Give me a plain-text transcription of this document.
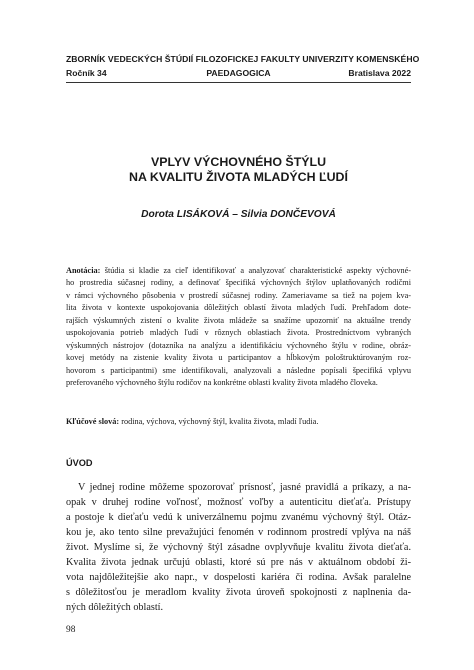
ZBORNÍK VEDECKÝCH ŠTÚDIÍ FILOZOFICKEJ FAKULTY UNIVERZITY KOMENSKÉHO
Ročník 34	PAEDAGOGICA	Bratislava 2022
VPLYV VÝCHOVNÉHO ŠTÝLU
NA KVALITU ŽIVOTA MLADÝCH ĽUDÍ
Dorota LISÁKOVÁ – Silvia DONČEVOVÁ
Anotácia: štúdia si kladie za cieľ identifikovať a analyzovať charakteristické aspekty výchovné-
ho prostredia súčasnej rodiny, a definovať špecifiká výchovných štýlov uplatňovaných rodičmi
v rámci výchovného pôsobenia v prostredí súčasnej rodiny. Zameriavame sa tiež na pojem kva-
lita života v kontexte uspokojovania dôležitých oblastí života mladých ľudí. Prehľadom dote-
rajších výskumných zistení o kvalite života mládeže sa snažíme upozorniť na aktuálne trendy
uspokojovania potrieb mladých ľudí v rôznych oblastiach života. Prostredníctvom vybraných
výskumných nástrojov (dotazníka na analýzu a identifikáciu výchovného štýlu v rodine, obráz-
kovej metódy na zistenie kvality života u participantov a hĺbkovým pološtruktúrovaným roz-
hovorom s participantmi) sme identifikovali, analyzovali a následne popísali špecifiká vplyvu
preferovaného výchovného štýlu rodičov na konkrétne oblasti kvality života mladého človeka.
Kľúčové slová: rodina, výchova, výchovný štýl, kvalita života, mladí ľudia.
ÚVOD
V jednej rodine môžeme spozorovať prísnosť, jasné pravidlá a príkazy, a na-
opak v druhej rodine voľnosť, možnosť voľby a autenticitu dieťaťa. Prístupy
a postoje k dieťaťu vedú k univerzálnemu pojmu zvanému výchovný štýl. Otáz-
kou je, ako tento silne prevažujúci fenomén v rodinnom prostredí vplýva na náš
život. Myslíme si, že výchovný štýl zásadne ovplyvňuje kvalitu života dieťaťa.
Kvalita života jednak určujú oblasti, ktoré sú pre nás v aktuálnom období ži-
vota najdôležitejšie ako napr., v dospelosti kariéra či rodina. Avšak paralelne
s dôležitosťou je meradlom kvality života úroveň spokojnosti z naplnenia da-
ných dôležitých oblastí.
98
